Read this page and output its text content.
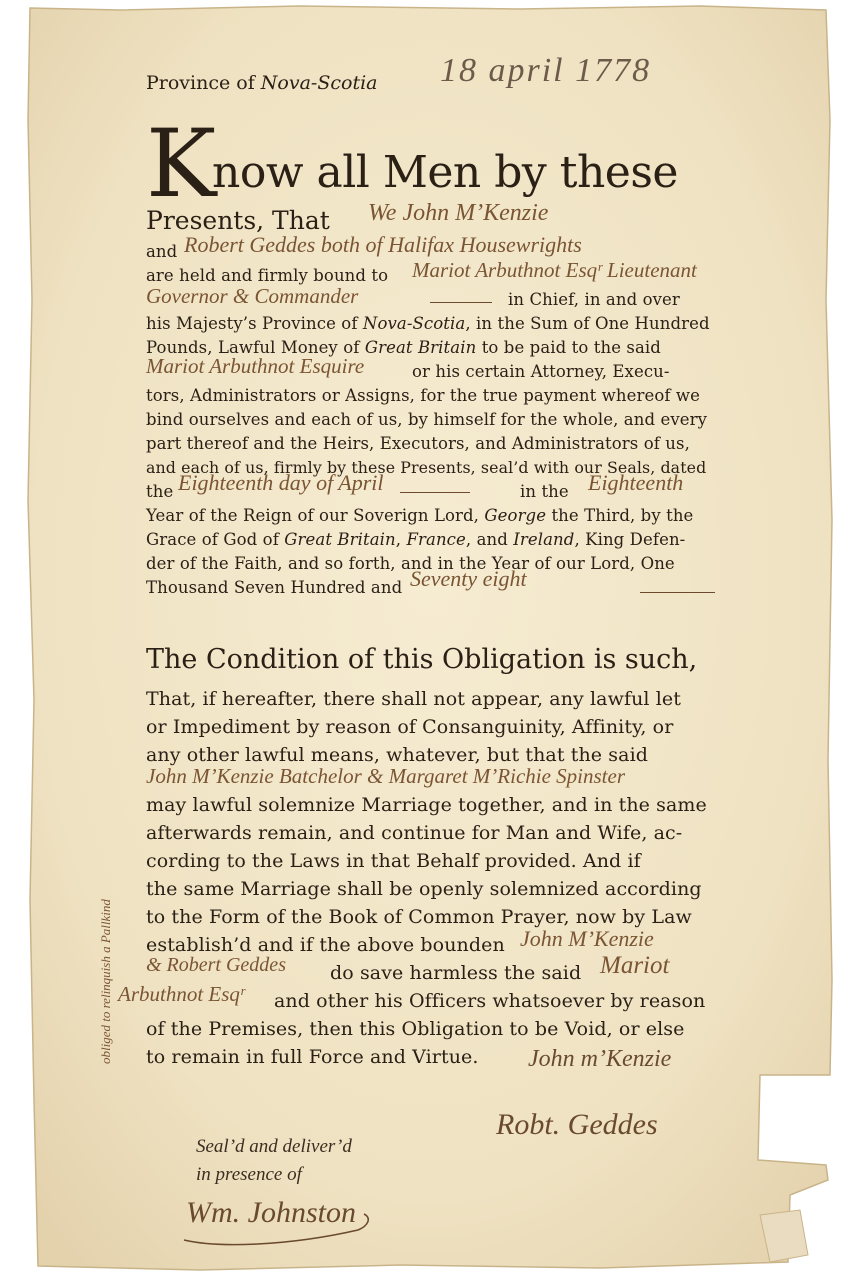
Province of Nova-Scotia 18 april 1778
K
now all Men by these
Presents, That We John M’Kenzie
and Robert Geddes both of Halifax Housewrights
are held and firmly bound to Mariot Arbuthnot Esqʳ Lieutenant
Governor & Commander	in Chief, in and over
his Majesty’s Province of Nova-Scotia, in the Sum of One Hundred
Pounds, Lawful Money of Great Britain to be paid to the said
Mariot Arbuthnot Esquire	or his certain Attorney, Execu-
tors, Administrators or Assigns, for the true payment whereof we
bind ourselves and each of us, by himself for the whole, and every
part thereof and the Heirs, Executors, and Administrators of us,
and each of us, firmly by these Presents, seal’d with our Seals, dated
the Eighteenth day of April	in the Eighteenth
Year of the Reign of our Soverign Lord, George the Third, by the
Grace of God of Great Britain, France, and Ireland, King Defen-
der of the Faith, and so forth, and in the Year of our Lord, One
Thousand Seven Hundred and Seventy eight
The Condition of this Obligation is such,
That, if hereafter, there shall not appear, any lawful let
or Impediment by reason of Consanguinity, Affinity, or
any other lawful means, whatever, but that the said
John M’Kenzie Batchelor & Margaret M’Richie Spinster
may lawful solemnize Marriage together, and in the same
afterwards remain, and continue for Man and Wife, ac-
cording to the Laws in that Behalf provided. And if
the same Marriage shall be openly solemnized according
to the Form of the Book of Common Prayer, now by Law
establish’d and if the above bounden John M’Kenzie
& Robert Geddes do save harmless the said Mariot
Arbuthnot Esqʳ and other his Officers whatsoever by reason
of the Premises, then this Obligation to be Void, or else
to remain in full Force and Virtue. John m’Kenzie
Robt. Geddes
Seal’d and deliver’d
in presence of
Wm. Johnston
obliged to relinquish a Pallkind
